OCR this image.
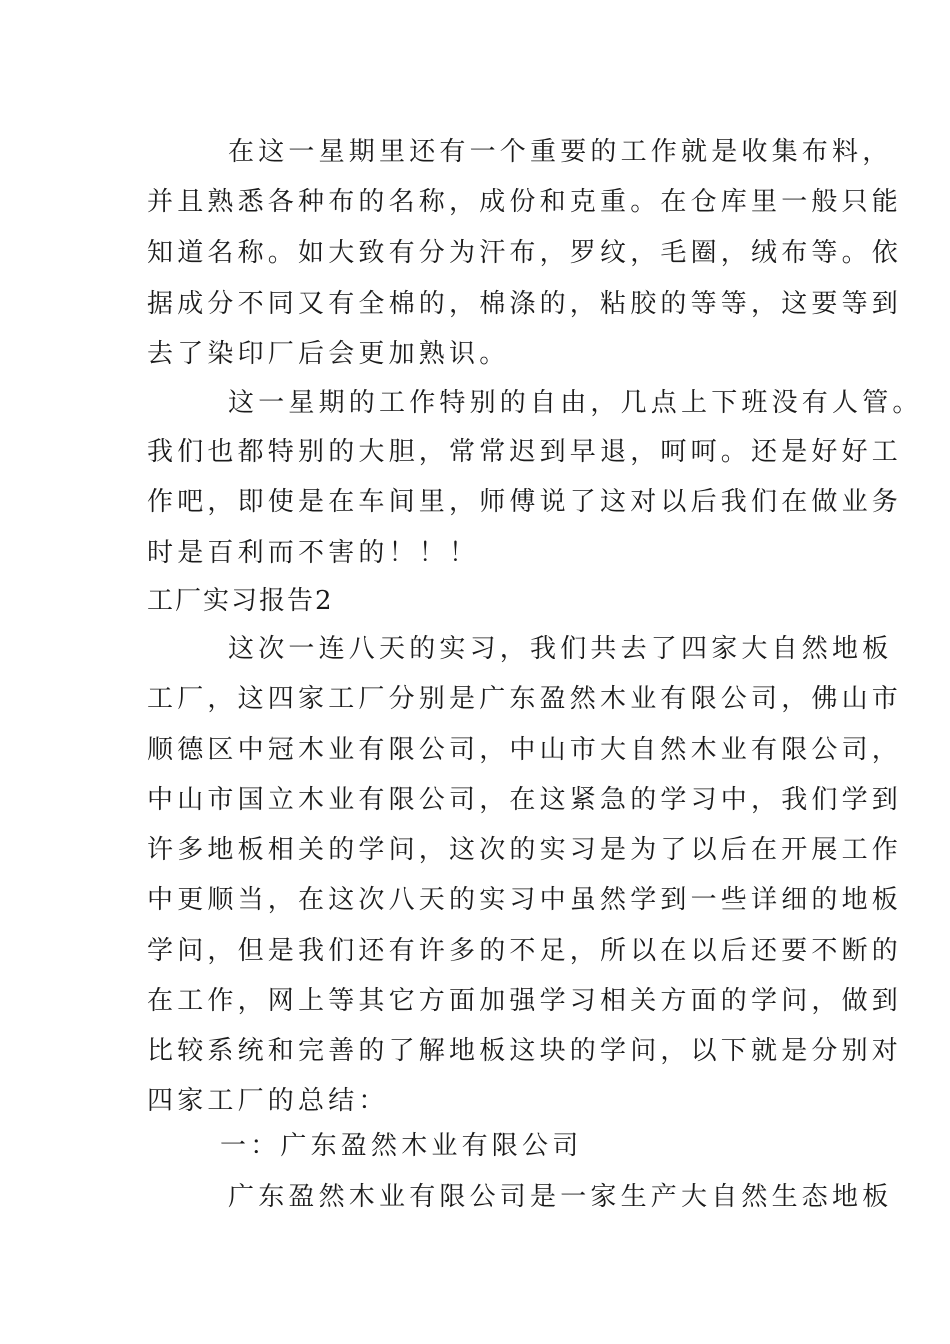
在这一星期里还有一个重要的工作就是收集布料，
并且熟悉各种布的名称，成份和克重。在仓库里一般只能
知道名称。如大致有分为汗布，罗纹，毛圈，绒布等。依
据成分不同又有全棉的，棉涤的，粘胶的等等，这要等到
去了染印厂后会更加熟识。
这一星期的工作特别的自由，几点上下班没有人管。
我们也都特别的大胆，常常迟到早退，呵呵。还是好好工
作吧，即使是在车间里，师傅说了这对以后我们在做业务
时是百利而不害的！！！
工厂实习报告2
这次一连八天的实习，我们共去了四家大自然地板
工厂，这四家工厂分别是广东盈然木业有限公司，佛山市
顺德区中冠木业有限公司，中山市大自然木业有限公司，
中山市国立木业有限公司，在这紧急的学习中，我们学到
许多地板相关的学问，这次的实习是为了以后在开展工作
中更顺当，在这次八天的实习中虽然学到一些详细的地板
学问，但是我们还有许多的不足，所以在以后还要不断的
在工作，网上等其它方面加强学习相关方面的学问，做到
比较系统和完善的了解地板这块的学问，以下就是分别对
四家工厂的总结：
一：广东盈然木业有限公司
广东盈然木业有限公司是一家生产大自然生态地板
